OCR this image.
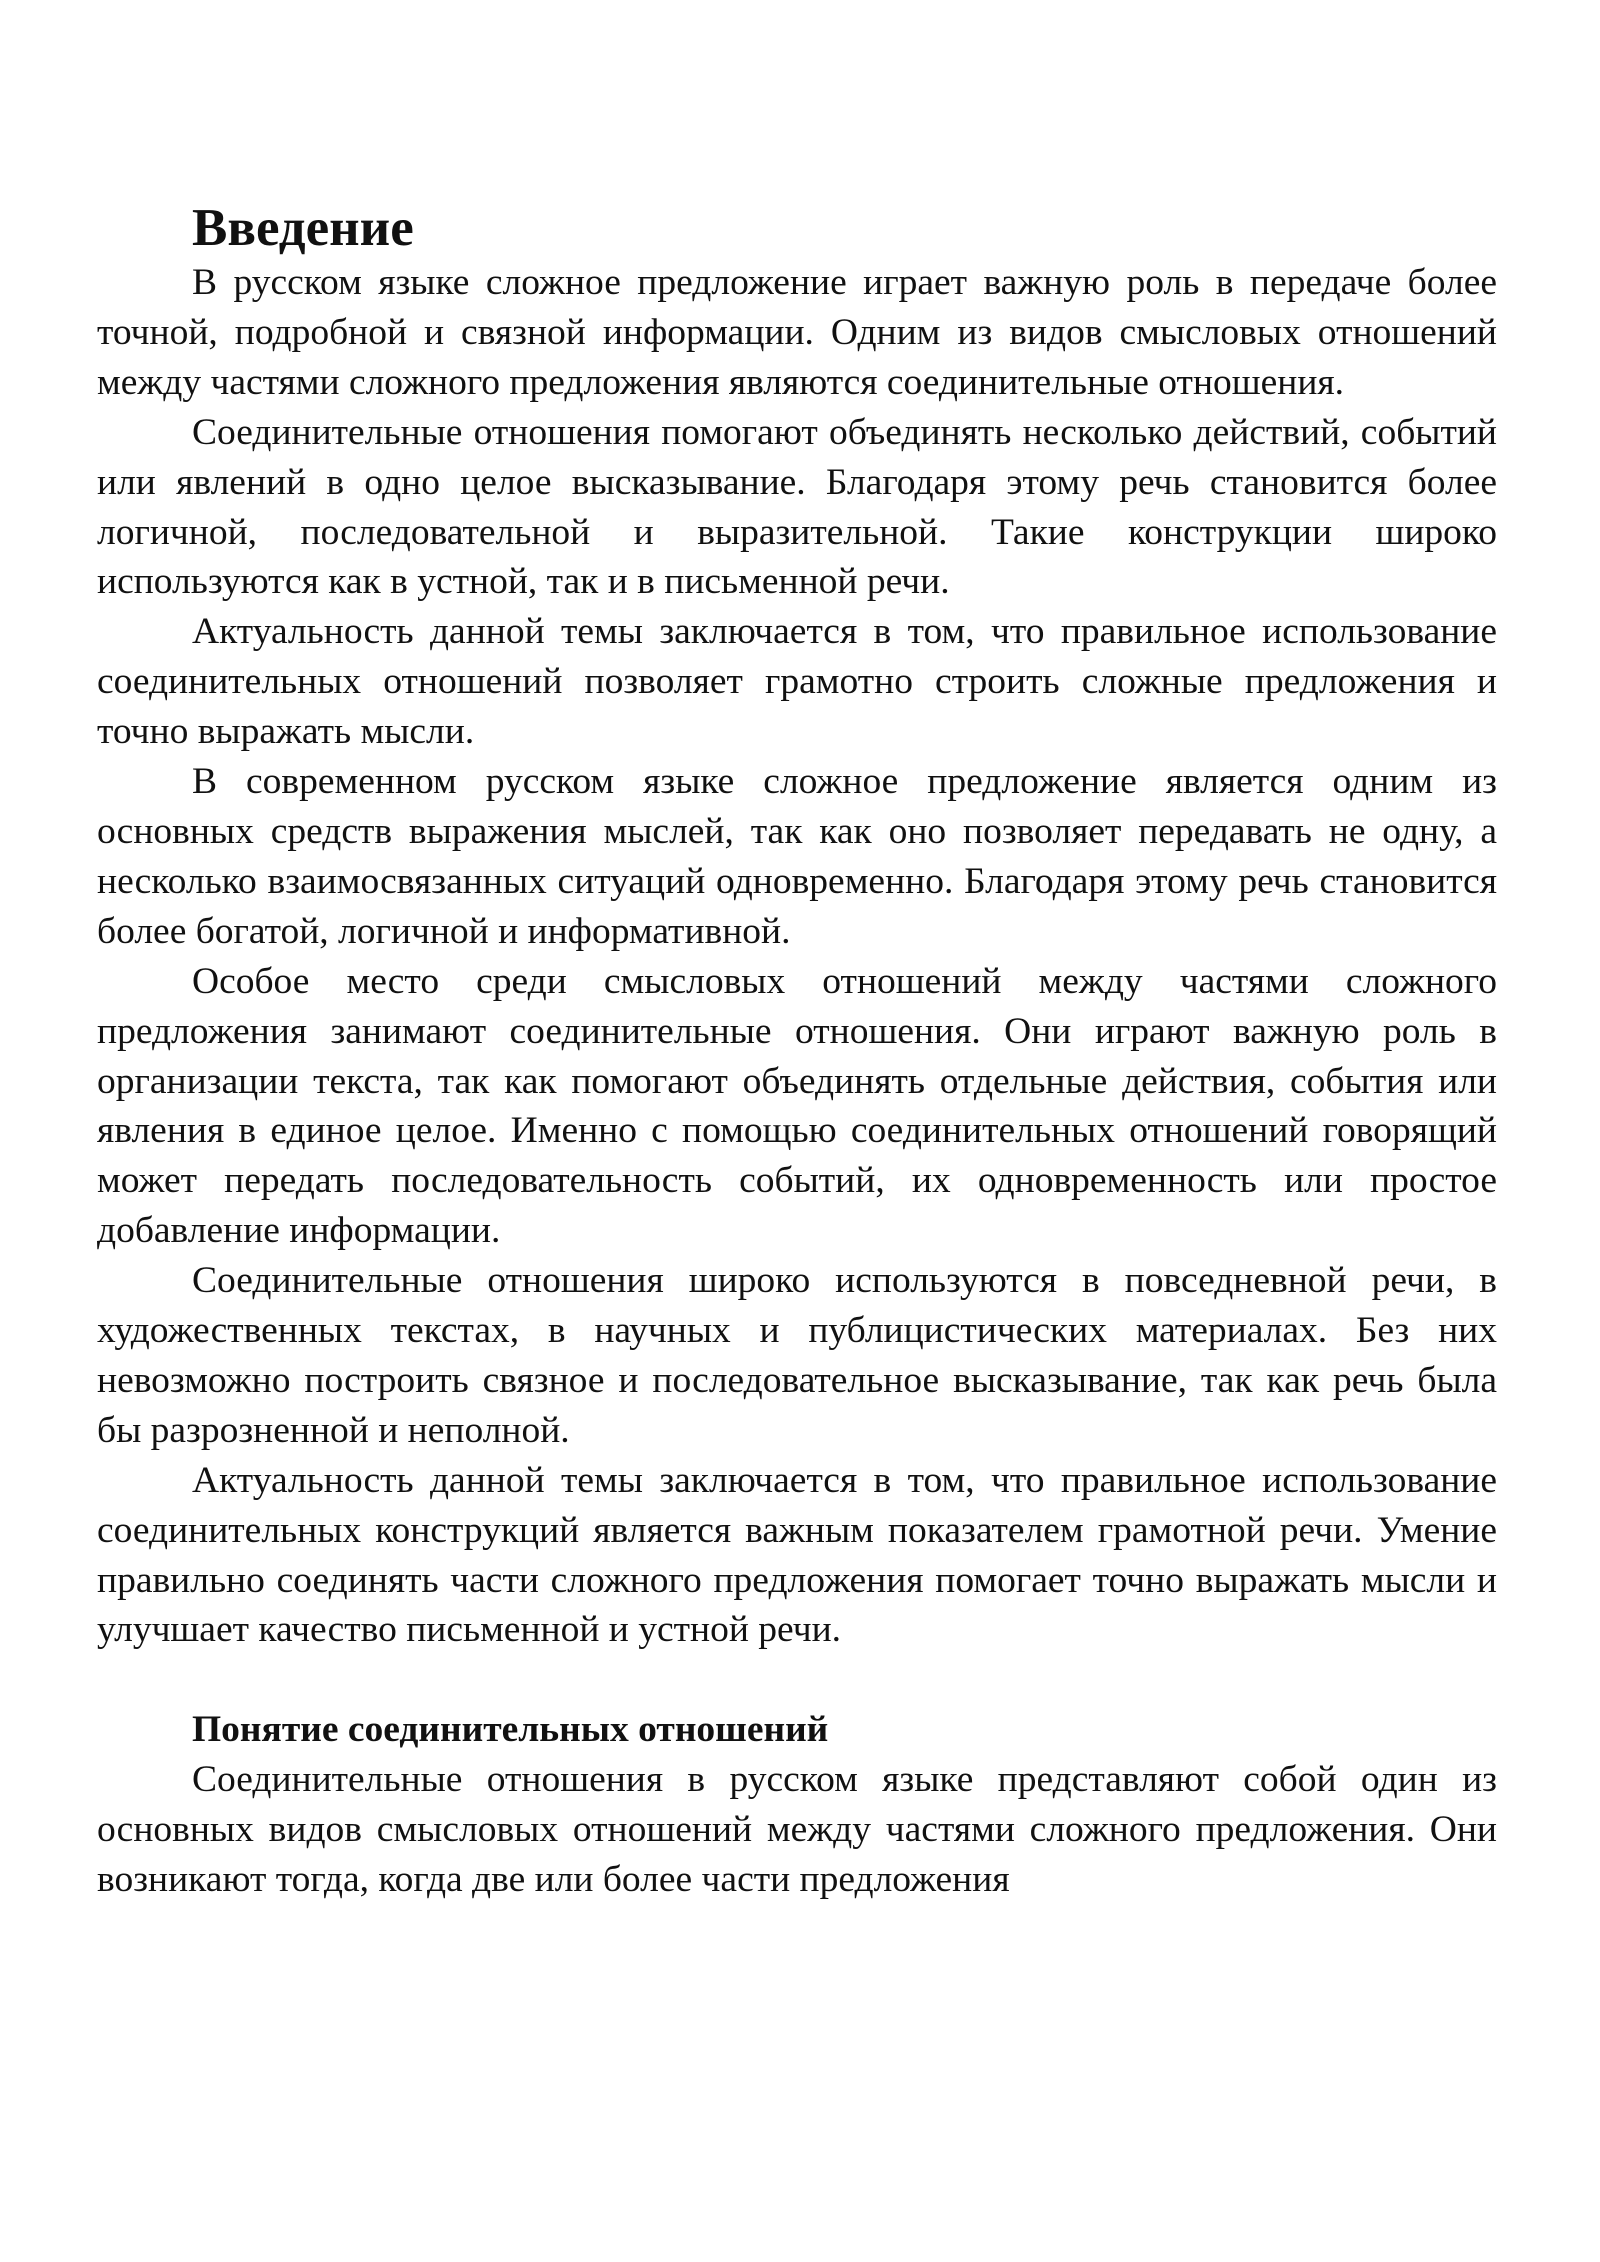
Введение

В русском языке сложное предложение играет важную роль в передаче более точной, подробной и связной информации. Одним из видов смысловых отношений между частями сложного предложения являются соединительные отношения.

Соединительные отношения помогают объединять несколько действий, событий или явлений в одно целое высказывание. Благодаря этому речь становится более логичной, последовательной и выразительной. Такие конструкции широко используются как в устной, так и в письменной речи.

Актуальность данной темы заключается в том, что правильное использование соединительных отношений позволяет грамотно строить сложные предложения и точно выражать мысли.

В современном русском языке сложное предложение является одним из основных средств выражения мыслей, так как оно позволяет передавать не одну, а несколько взаимосвязанных ситуаций одновременно. Благодаря этому речь становится более богатой, логичной и информативной.

Особое место среди смысловых отношений между частями сложного предложения занимают соединительные отношения. Они играют важную роль в организации текста, так как помогают объединять отдельные действия, события или явления в единое целое. Именно с помощью соединительных отношений говорящий может передать последовательность событий, их одновременность или простое добавление информации.

Соединительные отношения широко используются в повседневной речи, в художественных текстах, в научных и публицистических материалах. Без них невозможно построить связное и последовательное высказывание, так как речь была бы разрозненной и неполной.

Актуальность данной темы заключается в том, что правильное использование соединительных конструкций является важным показателем грамотной речи. Умение правильно соединять части сложного предложения помогает точно выражать мысли и улучшает качество письменной и устной речи.

Понятие соединительных отношений

Соединительные отношения в русском языке представляют собой один из основных видов смысловых отношений между частями сложного предложения. Они возникают тогда, когда две или более части предложения
